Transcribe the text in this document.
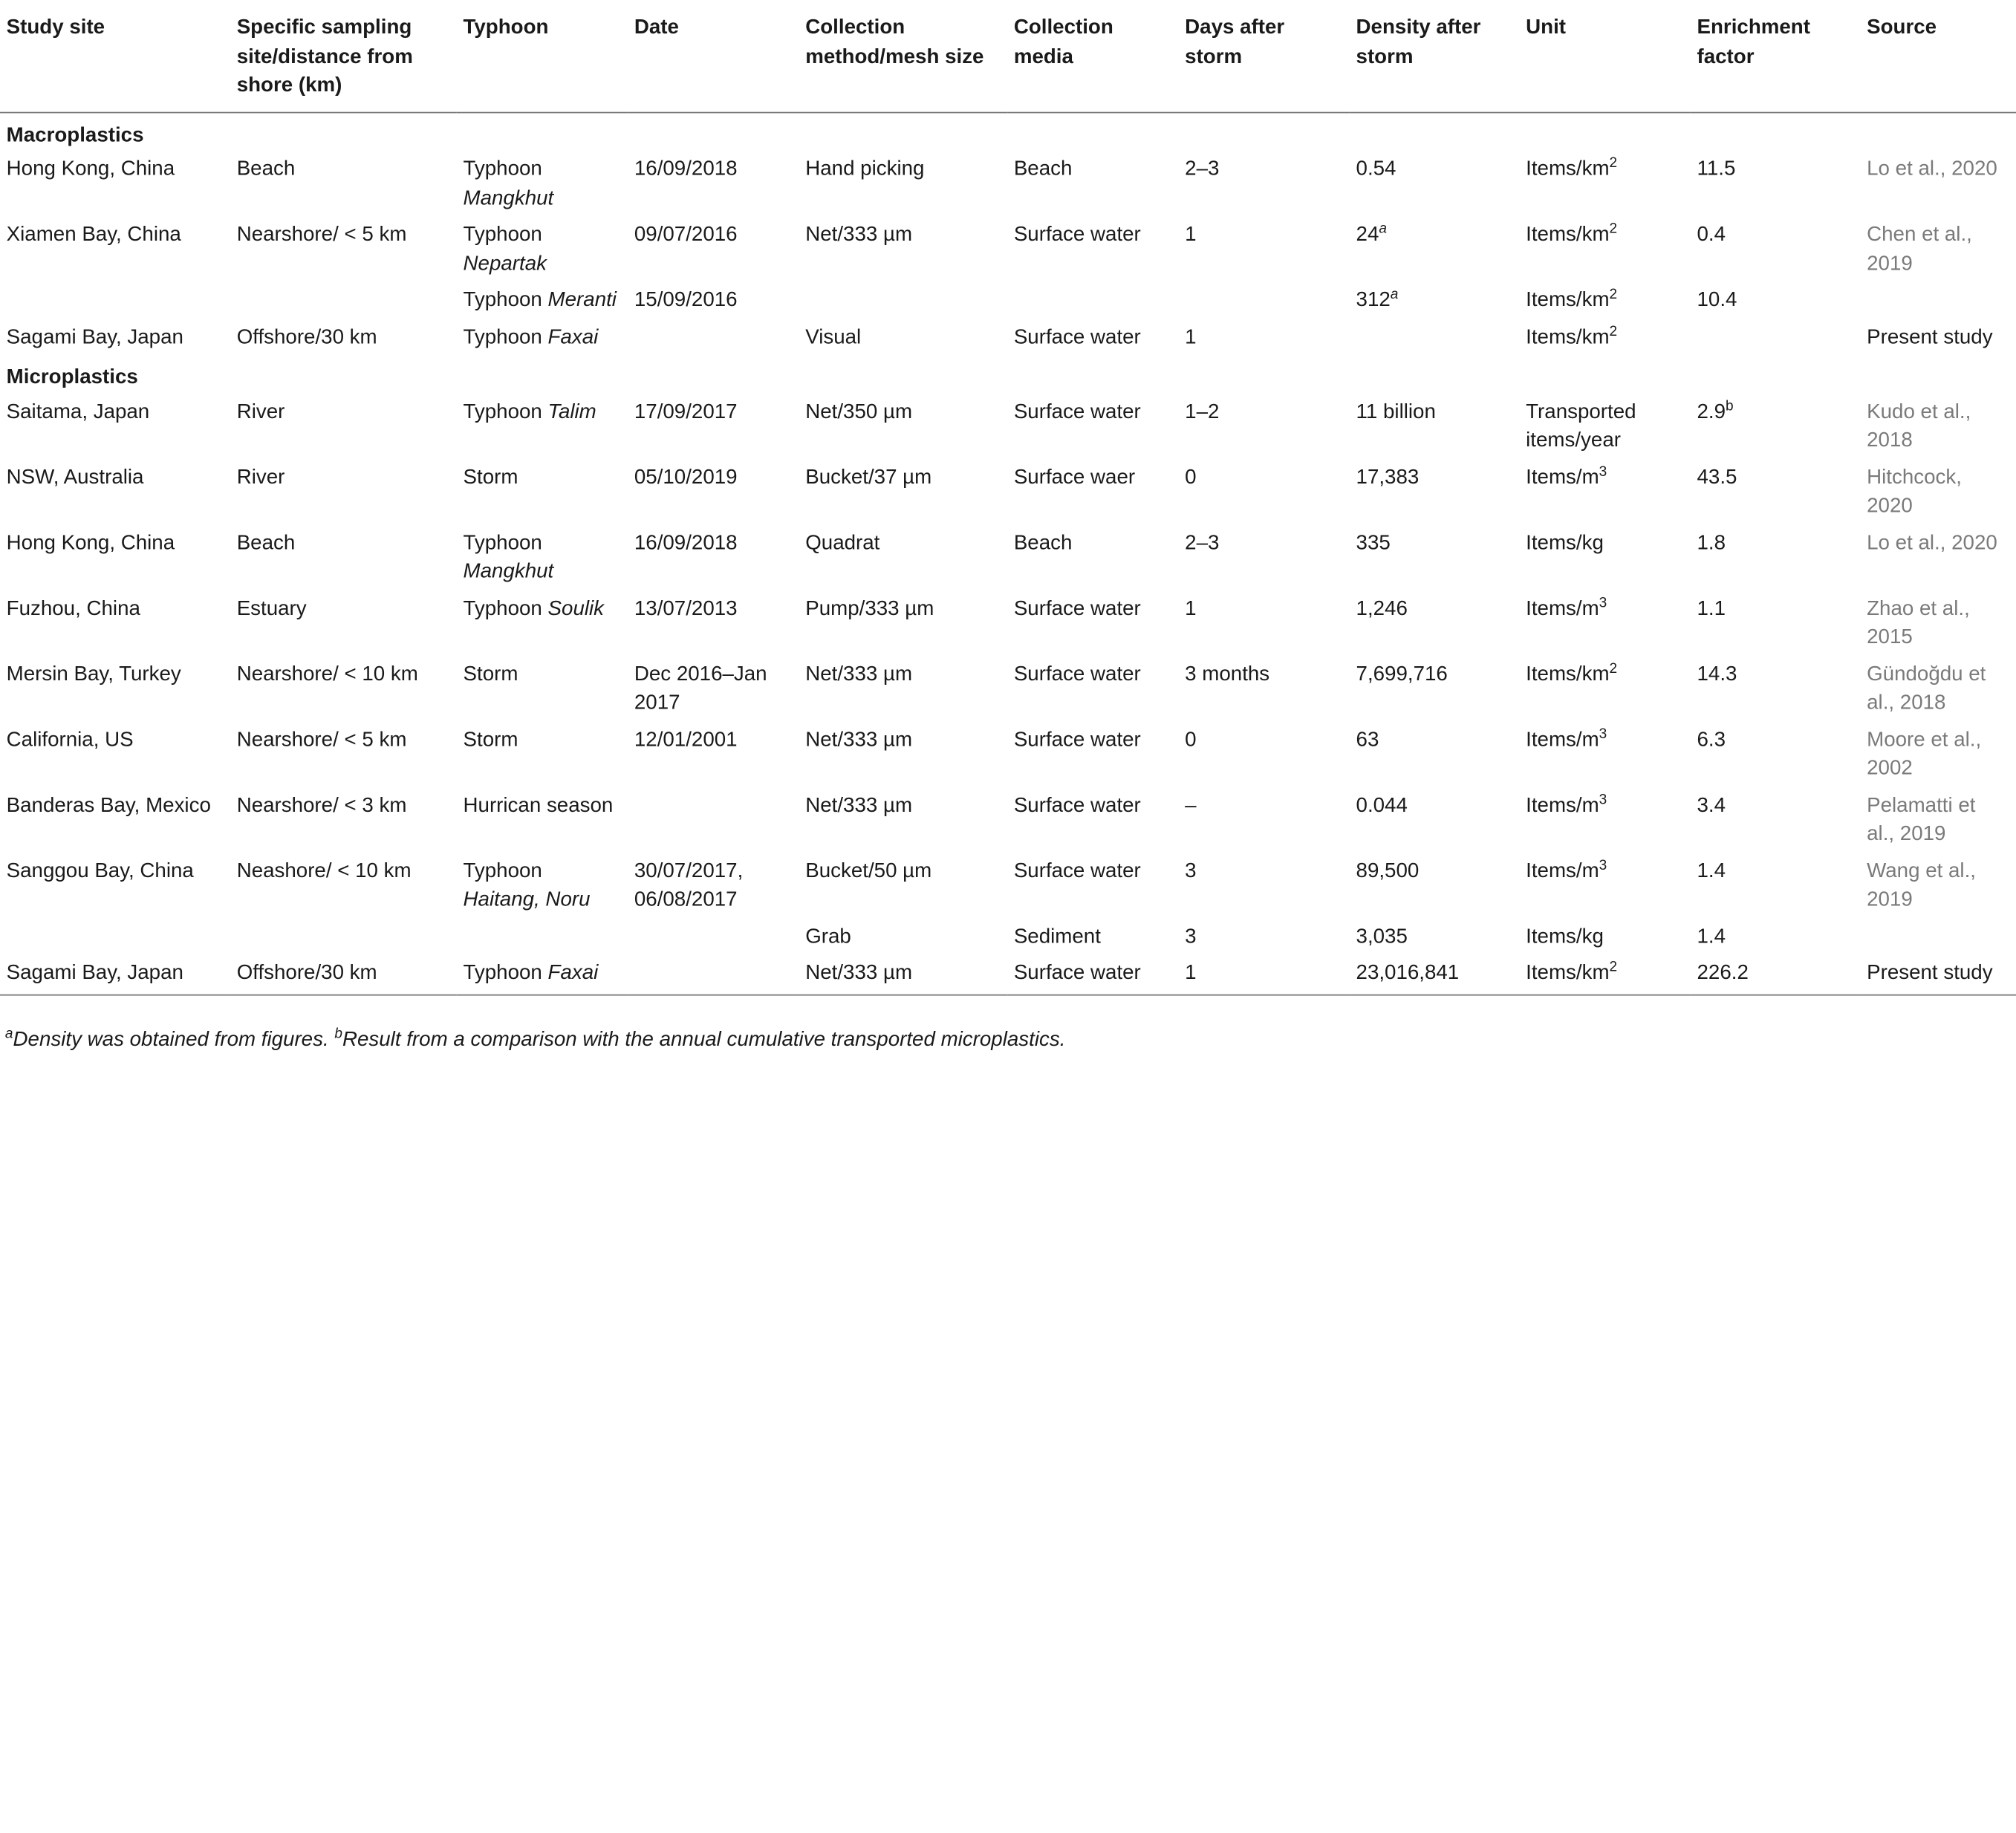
Study site	Specific sampling site/distance from shore (km)	Typhoon	Date	Collection method/mesh size	Collection media	Days after storm	Density after storm	Unit	Enrichment factor	Source
Macroplastics										
Hong Kong, China	Beach	Typhoon Mangkhut	16/09/2018	Hand picking	Beach	2–3	0.54	Items/$km^2$	11.5	Lo et al., 2020
Xiamen Bay, China	Nearshore/ < 5 km	Typhoon Nepartak	09/07/2016	Net/333 µm	Surface water	1	24$^a$	Items/$km^2$	0.4	Chen et al., 2019
		Typhoon Meranti	15/09/2016				312$^a$	Items/$km^2$	10.4	
Sagami Bay, Japan	Offshore/30 km	Typhoon Faxai		Visual	Surface water	1		Items/$km^2$		Present study
Microplastics										
Saitama, Japan	River	Typhoon Talim	17/09/2017	Net/350 µm	Surface water	1–2	11 billion	Transported items/year	2.9$^b$	Kudo et al., 2018
NSW, Australia	River	Storm	05/10/2019	Bucket/37 µm	Surface waer	0	17,383	Items/$m^3$	43.5	Hitchcock, 2020
Hong Kong, China	Beach	Typhoon Mangkhut	16/09/2018	Quadrat	Beach	2–3	335	Items/kg	1.8	Lo et al., 2020
Fuzhou, China	Estuary	Typhoon Soulik	13/07/2013	Pump/333 µm	Surface water	1	1,246	Items/$m^3$	1.1	Zhao et al., 2015
Mersin Bay, Turkey	Nearshore/ < 10 km	Storm	Dec 2016–Jan 2017	Net/333 µm	Surface water	3 months	7,699,716	Items/$km^2$	14.3	Gündoğdu et al., 2018
California, US	Nearshore/ < 5 km	Storm	12/01/2001	Net/333 µm	Surface water	0	63	Items/$m^3$	6.3	Moore et al., 2002
Banderas Bay, Mexico	Nearshore/ < 3 km	Hurrican season		Net/333 µm	Surface water	–	0.044	Items/$m^3$	3.4	Pelamatti et al., 2019
Sanggou Bay, China	Neashore/ < 10 km	Typhoon Haitang, Noru	30/07/2017, 06/08/2017	Bucket/50 µm	Surface water	3	89,500	Items/$m^3$	1.4	Wang et al., 2019
				Grab	Sediment	3	3,035	Items/kg	1.4	
Sagami Bay, Japan	Offshore/30 km	Typhoon Faxai		Net/333 µm	Surface water	1	23,016,841	Items/$km^2$	226.2	Present study
$^a$Density was obtained from figures. $^b$Result from a comparison with the annual cumulative transported microplastics.
